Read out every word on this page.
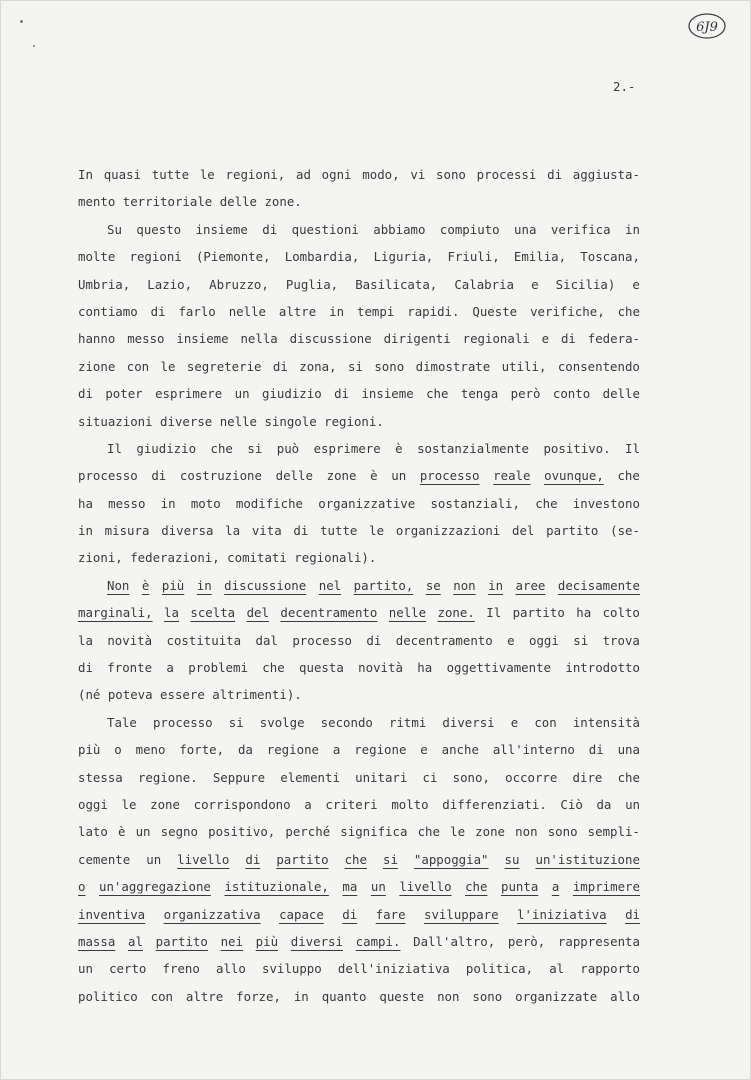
6J9
2.-
In quasi tutte le regioni, ad ogni modo, vi sono processi di aggiusta-
mento territoriale delle zone.
Su questo insieme di questioni abbiamo compiuto una verifica in
molte regioni (Piemonte, Lombardia, Liguria, Friuli, Emilia, Toscana,
Umbria, Lazio, Abruzzo, Puglia, Basilicata, Calabria e Sicilia) e
contiamo di farlo nelle altre in tempi rapidi. Queste verifiche, che
hanno messo insieme nella discussione dirigenti regionali e di federa-
zione con le segreterie di zona, si sono dimostrate utili, consentendo
di poter esprimere un giudizio di insieme che tenga però conto delle
situazioni diverse nelle singole regioni.
Il giudizio che si può esprimere è sostanzialmente positivo. Il
processo di costruzione delle zone è un processo reale ovunque, che
ha messo in moto modifiche organizzative sostanziali, che investono
in misura diversa la vita di tutte le organizzazioni del partito (se-
zioni, federazioni, comitati regionali).
Non è più in discussione nel partito, se non in aree decisamente
marginali, la scelta del decentramento nelle zone. Il partito ha colto
la novità costituita dal processo di decentramento e oggi si trova
di fronte a problemi che questa novità ha oggettivamente introdotto
(né poteva essere altrimenti).
Tale processo si svolge secondo ritmi diversi e con intensità
più o meno forte, da regione a regione e anche all'interno di una
stessa regione. Seppure elementi unitari ci sono, occorre dire che
oggi le zone corrispondono a criteri molto differenziati. Ciò da un
lato è un segno positivo, perché significa che le zone non sono sempli-
cemente un livello di partito che si "appoggia" su un'istituzione
o un'aggregazione istituzionale, ma un livello che punta a imprimere
inventiva organizzativa capace di fare sviluppare l'iniziativa di
massa al partito nei più diversi campi. Dall'altro, però, rappresenta
un certo freno allo sviluppo dell'iniziativa politica, al rapporto
politico con altre forze, in quanto queste non sono organizzate allo
